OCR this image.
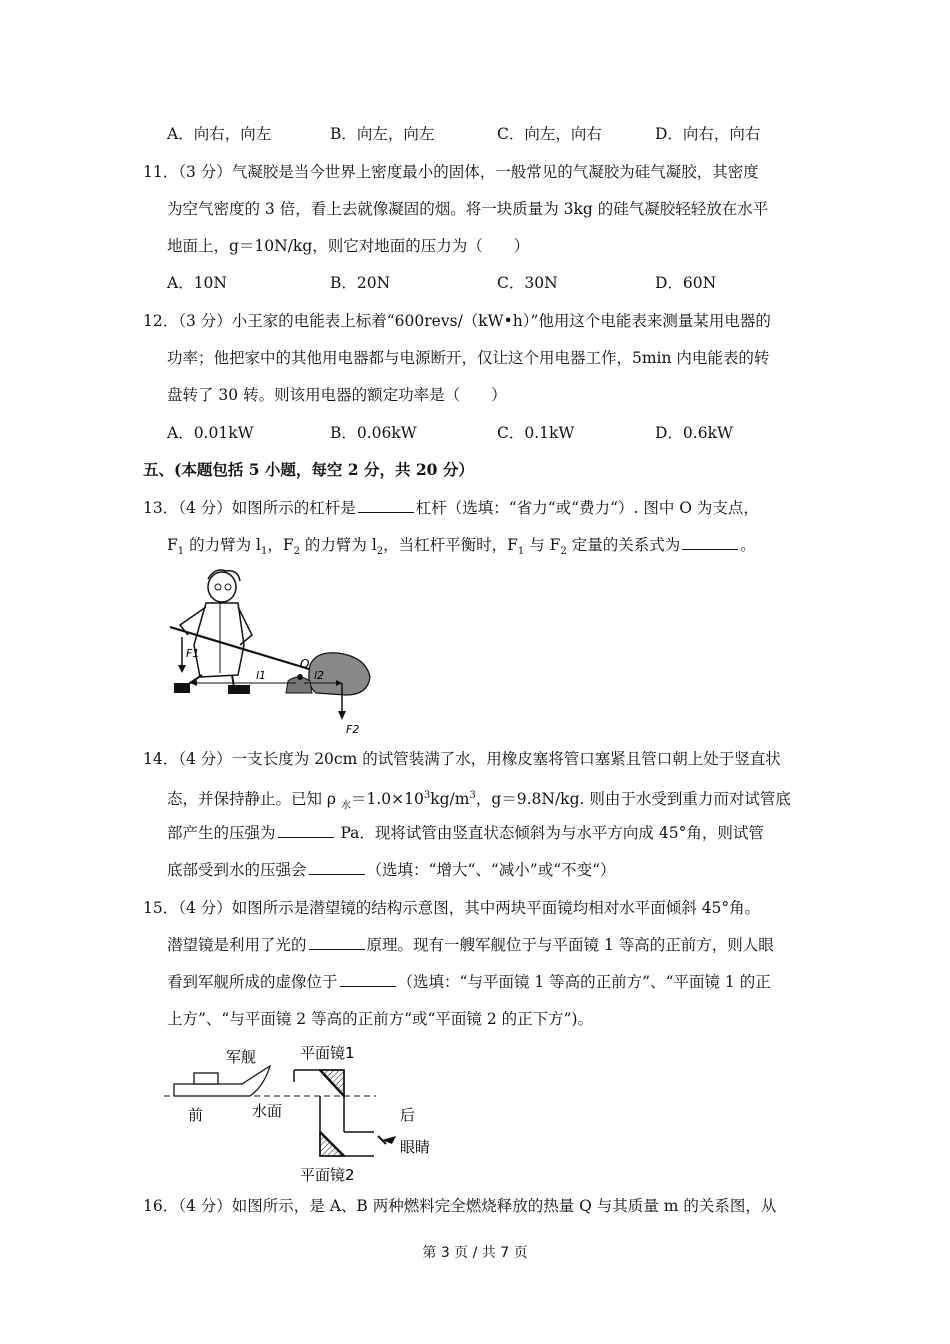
A．向右，向左	B．向左，向左	C．向左，向右	D．向右，向右
11．（3 分）气凝胶是当今世界上密度最小的固体，一般常见的气凝胶为硅气凝胶，其密度
为空气密度的 3 倍，看上去就像凝固的烟。将一块质量为 3kg 的硅气凝胶轻轻放在水平
地面上，g＝10N/kg，则它对地面的压力为（　　）
A．10N	B．20N	C．30N	D．60N
12．（3 分）小王家的电能表上标着“600revs/（kW•h）”他用这个电能表来测量某用电器的
功率；他把家中的其他用电器都与电源断开，仅让这个用电器工作，5min 内电能表的转
盘转了 30 转。则该用电器的额定功率是（　　）
A．0.01kW	B．0.06kW	C．0.1kW	D．0.6kW
五、(本题包括 5 小题，每空 2 分，共 20 分）
13．（4 分）如图所示的杠杆是	杠杆（选填：“省力“或“费力“）. 图中 O 为支点，
$F_1$ 的力臂为 $l_1$，$F_2$ 的力臂为 $l_2$，当杠杆平衡时，$F_1$ 与 $F_2$ 定量的关系式为	。
O
F1
l1	l2
F2
14．（4 分）一支长度为 20cm 的试管装满了水，用橡皮塞将管口塞紧且管口朝上处于竖直状
态，并保持静止。已知 ρ $_水=1.0\times 10^3kg/m^3$，g＝9.8N/kg. 则由于水受到重力而对试管底
部产生的压强为	Pa．现将试管由竖直状态倾斜为与水平方向成 45°角，则试管
底部受到水的压强会	（选填：“增大“、“减小”或“不变“）
15．（4 分）如图所示是潜望镜的结构示意图，其中两块平面镜均相对水平面倾斜 45°角。
潜望镜是利用了光的	原理。现有一艘军舰位于与平面镜 1 等高的正前方，则人眼
看到军舰所成的虚像位于	（选填：“与平面镜 1 等高的正前方”、“平面镜 1 的正
上方”、“与平面镜 2 等高的正前方“或“平面镜 2 的正下方”)。
军舰	平面镜1
前	水面	后
眼睛
平面镜2
16．（4 分）如图所示，是 A、B 两种燃料完全燃烧释放的热量 Q 与其质量 m 的关系图，从
第 3 页 / 共 7 页
